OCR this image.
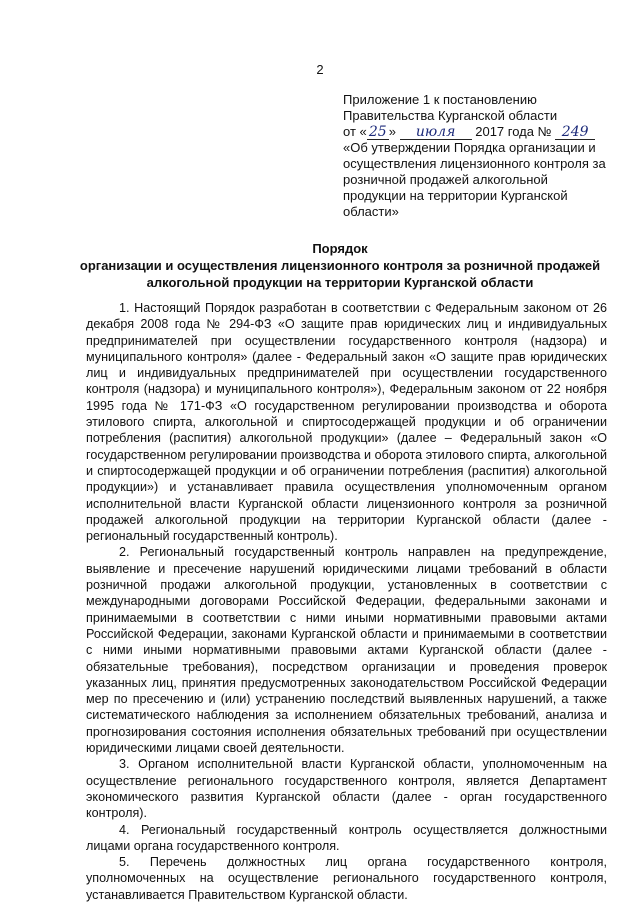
2
Приложение 1 к постановлению
Правительства Курганской области
от « 25 » июля 2017 года № 249
«Об утверждении Порядка организации и
осуществления лицензионного контроля за
розничной продажей алкогольной
продукции на территории Курганской
области»
Порядок
организации и осуществления лицензионного контроля за розничной продажей
алкогольной продукции на территории Курганской области

1. Настоящий Порядок разработан в соответствии с Федеральным законом от 26 декабря 2008 года № 294-ФЗ «О защите прав юридических лиц и индивидуальных предпринимателей при осуществлении государственного контроля (надзора) и муниципального контроля» (далее - Федеральный закон «О защите прав юридических лиц и индивидуальных предпринимателей при осуществлении государственного контроля (надзора) и муниципального контроля»), Федеральным законом от 22 ноября 1995 года № 171-ФЗ «О государственном регулировании производства и оборота этилового спирта, алкогольной и спиртосодержащей продукции и об ограничении потребления (распития) алкогольной продукции» (далее – Федеральный закон «О государственном регулировании производства и оборота этилового спирта, алкогольной и спиртосодержащей продукции и об ограничении потребления (распития) алкогольной продукции») и устанавливает правила осуществления уполномоченным органом исполнительной власти Курганской области лицензионного контроля за розничной продажей алкогольной продукции на территории Курганской области (далее - региональный государственный контроль).

2. Региональный государственный контроль направлен на предупреждение, выявление и пресечение нарушений юридическими лицами требований в области розничной продажи алкогольной продукции, установленных в соответствии с международными договорами Российской Федерации, федеральными законами и принимаемыми в соответствии с ними иными нормативными правовыми актами Российской Федерации, законами Курганской области и принимаемыми в соответствии с ними иными нормативными правовыми актами Курганской области (далее - обязательные требования), посредством организации и проведения проверок указанных лиц, принятия предусмотренных законодательством Российской Федерации мер по пресечению и (или) устранению последствий выявленных нарушений, а также систематического наблюдения за исполнением обязательных требований, анализа и прогнозирования состояния исполнения обязательных требований при осуществлении юридическими лицами своей деятельности.

3. Органом исполнительной власти Курганской области, уполномоченным на осуществление регионального государственного контроля, является Департамент экономического развития Курганской области (далее - орган государственного контроля).

4. Региональный государственный контроль осуществляется должностными лицами органа государственного контроля.

5. Перечень должностных лиц органа государственного контроля, уполномоченных на осуществление регионального государственного контроля, устанавливается Правительством Курганской области.
